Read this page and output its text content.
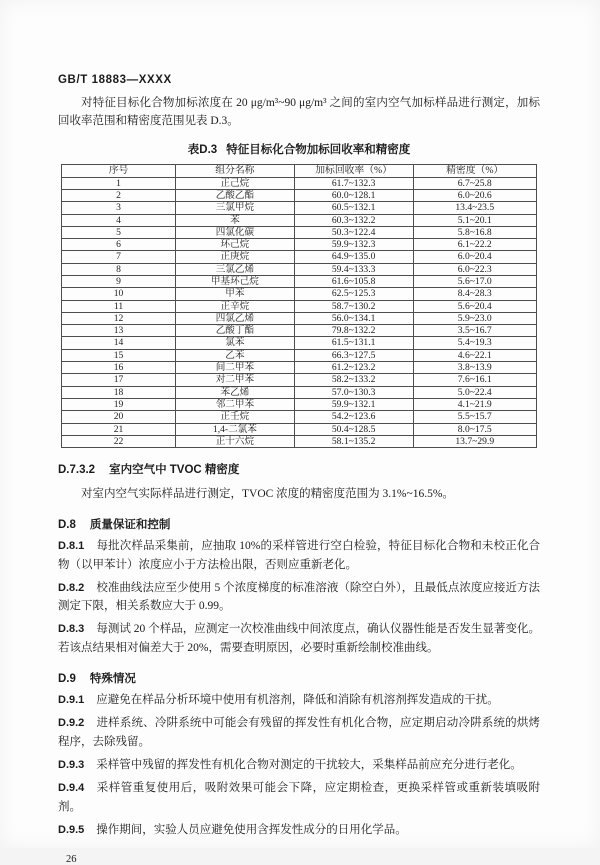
GB/T 18883—XXXX

对特征目标化合物加标浓度在 20 μg/m³~90 μg/m³ 之间的室内空气加标样品进行测定，加标回收率范围和精密度范围见表 D.3。

表D.3 特征目标化合物加标回收率和精密度
序号	组分名称	加标回收率（%）	精密度（%）
1	正己烷	61.7~132.3	6.7~25.8
2	乙酸乙酯	60.0~128.1	6.0~20.6
3	三氯甲烷	60.5~132.1	13.4~23.5
4	苯	60.3~132.2	5.1~20.1
5	四氯化碳	50.3~122.4	5.8~16.8
6	环己烷	59.9~132.3	6.1~22.2
7	正庚烷	64.9~135.0	6.0~20.4
8	三氯乙烯	59.4~133.3	6.0~22.3
9	甲基环己烷	61.6~105.8	5.6~17.0
10	甲苯	62.5~125.3	8.4~28.3
11	正辛烷	58.7~130.2	5.6~20.4
12	四氯乙烯	56.0~134.1	5.9~23.0
13	乙酸丁酯	79.8~132.2	3.5~16.7
14	氯苯	61.5~131.1	5.4~19.3
15	乙苯	66.3~127.5	4.6~22.1
16	间二甲苯	61.2~123.2	3.8~13.9
17	对二甲苯	58.2~133.2	7.6~16.1
18	苯乙烯	57.0~130.3	5.0~22.4
19	邻二甲苯	59.9~132.1	4.1~21.9
20	正壬烷	54.2~123.6	5.5~15.7
21	1,4-二氯苯	50.4~128.5	8.0~17.5
22	正十六烷	58.1~135.2	13.7~29.9
D.7.3.2 室内空气中 TVOC 精密度

对室内空气实际样品进行测定，TVOC 浓度的精密度范围为 3.1%~16.5%。

D.8 质量保证和控制

D.8.1 每批次样品采集前，应抽取 10%的采样管进行空白检验，特征目标化合物和未校正化合物（以甲苯计）浓度应小于方法检出限，否则应重新老化。

D.8.2 校准曲线法应至少使用 5 个浓度梯度的标准溶液（除空白外），且最低点浓度应接近方法测定下限，相关系数应大于 0.99。

D.8.3 每测试 20 个样品，应测定一次校准曲线中间浓度点，确认仪器性能是否发生显著变化。若该点结果相对偏差大于 20%，需要查明原因，必要时重新绘制校准曲线。

D.9 特殊情况

D.9.1 应避免在样品分析环境中使用有机溶剂，降低和消除有机溶剂挥发造成的干扰。

D.9.2 进样系统、冷阱系统中可能会有残留的挥发性有机化合物，应定期启动冷阱系统的烘烤程序，去除残留。

D.9.3 采样管中残留的挥发性有机化合物对测定的干扰较大，采集样品前应充分进行老化。

D.9.4 采样管重复使用后，吸附效果可能会下降，应定期检查，更换采样管或重新装填吸附剂。

D.9.5 操作期间，实验人员应避免使用含挥发性成分的日用化学品。

26
